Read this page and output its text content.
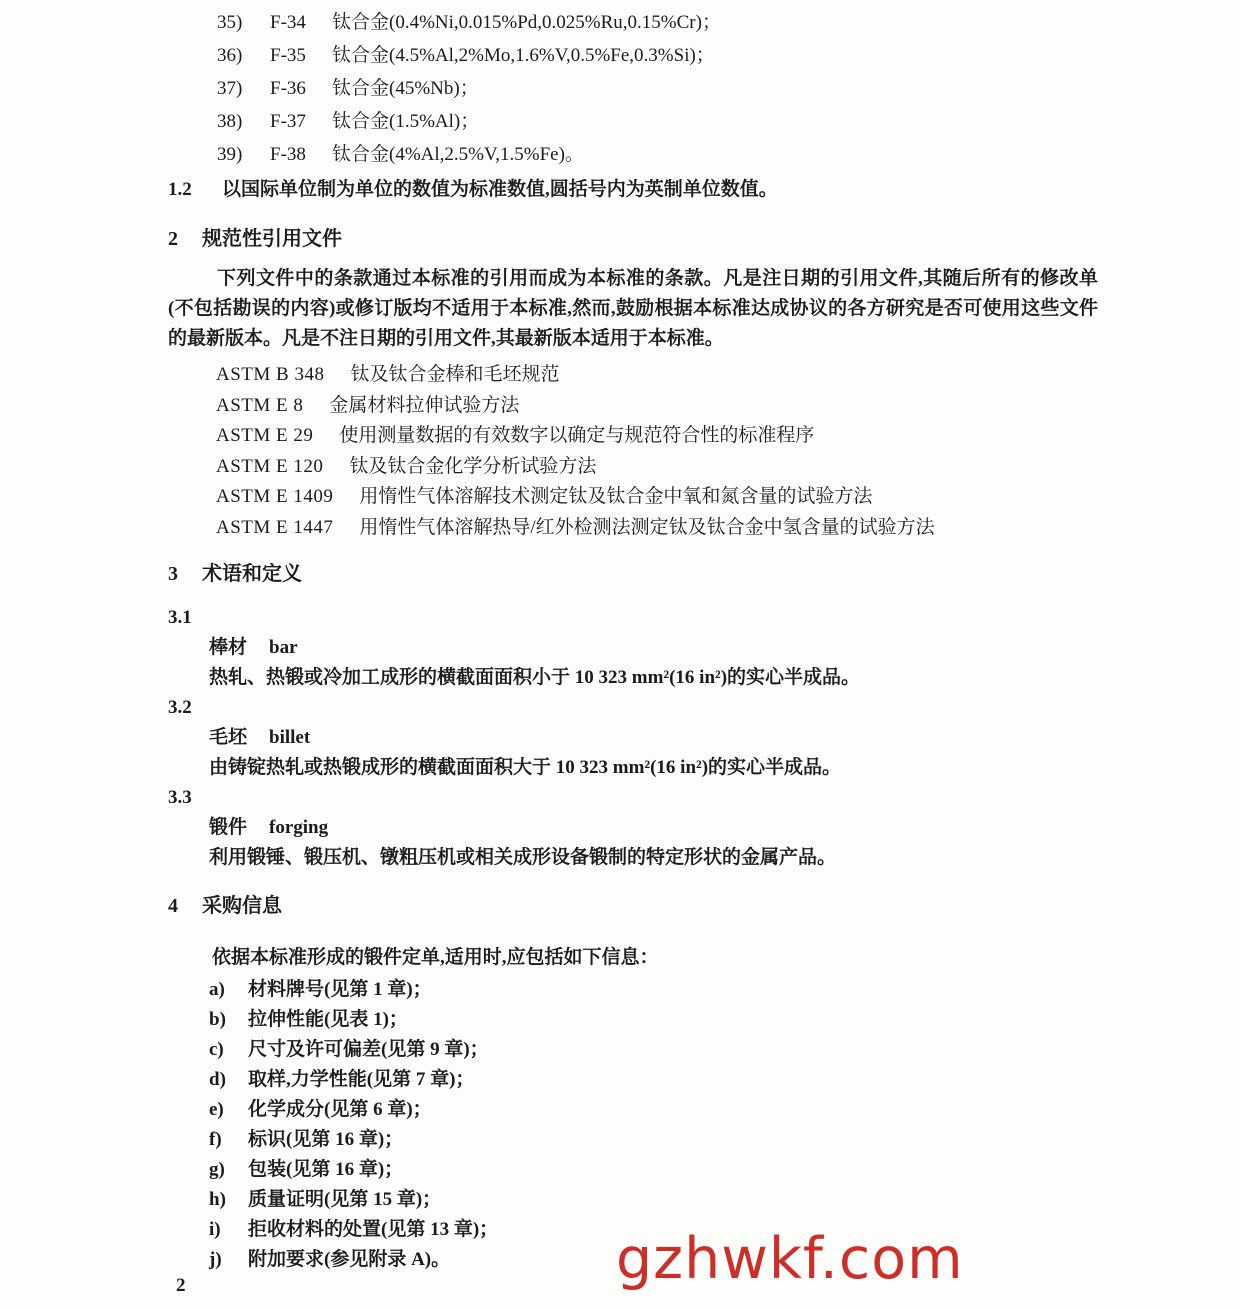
35)	F-34	钛合金(0.4%Ni,0.015%Pd,0.025%Ru,0.15%Cr)；
36)	F-35	钛合金(4.5%Al,2%Mo,1.6%V,0.5%Fe,0.3%Si)；
37)	F-36	钛合金(45%Nb)；
38)	F-37	钛合金(1.5%Al)；
39)	F-38	钛合金(4%Al,2.5%V,1.5%Fe)。
1.2	以国际单位制为单位的数值为标准数值,圆括号内为英制单位数值。
2	规范性引用文件
下列文件中的条款通过本标准的引用而成为本标准的条款。凡是注日期的引用文件,其随后所有的修改单(不包括勘误的内容)或修订版均不适用于本标准,然而,鼓励根据本标准达成协议的各方研究是否可使用这些文件的最新版本。凡是不注日期的引用文件,其最新版本适用于本标准。
ASTM B 348 钛及钛合金棒和毛坯规范
ASTM E 8 金属材料拉伸试验方法
ASTM E 29 使用测量数据的有效数字以确定与规范符合性的标准程序
ASTM E 120 钛及钛合金化学分析试验方法
ASTM E 1409 用惰性气体溶解技术测定钛及钛合金中氧和氮含量的试验方法
ASTM E 1447 用惰性气体溶解热导/红外检测法测定钛及钛合金中氢含量的试验方法
3	术语和定义
3.1
棒材 bar
热轧、热锻或冷加工成形的横截面面积小于 10 323 mm²(16 in²)的实心半成品。
3.2
毛坯 billet
由铸锭热轧或热锻成形的横截面面积大于 10 323 mm²(16 in²)的实心半成品。
3.3
锻件 forging
利用锻锤、锻压机、镦粗压机或相关成形设备锻制的特定形状的金属产品。
4	采购信息
依据本标准形成的锻件定单,适用时,应包括如下信息：
a)	材料牌号(见第 1 章)；
b)	拉伸性能(见表 1)；
c)	尺寸及许可偏差(见第 9 章)；
d)	取样,力学性能(见第 7 章)；
e)	化学成分(见第 6 章)；
f)	标识(见第 16 章)；
g)	包装(见第 16 章)；
h)	质量证明(见第 15 章)；
i)	拒收材料的处置(见第 13 章)；
j)	附加要求(参见附录 A)。
2	gzhwkf.com
